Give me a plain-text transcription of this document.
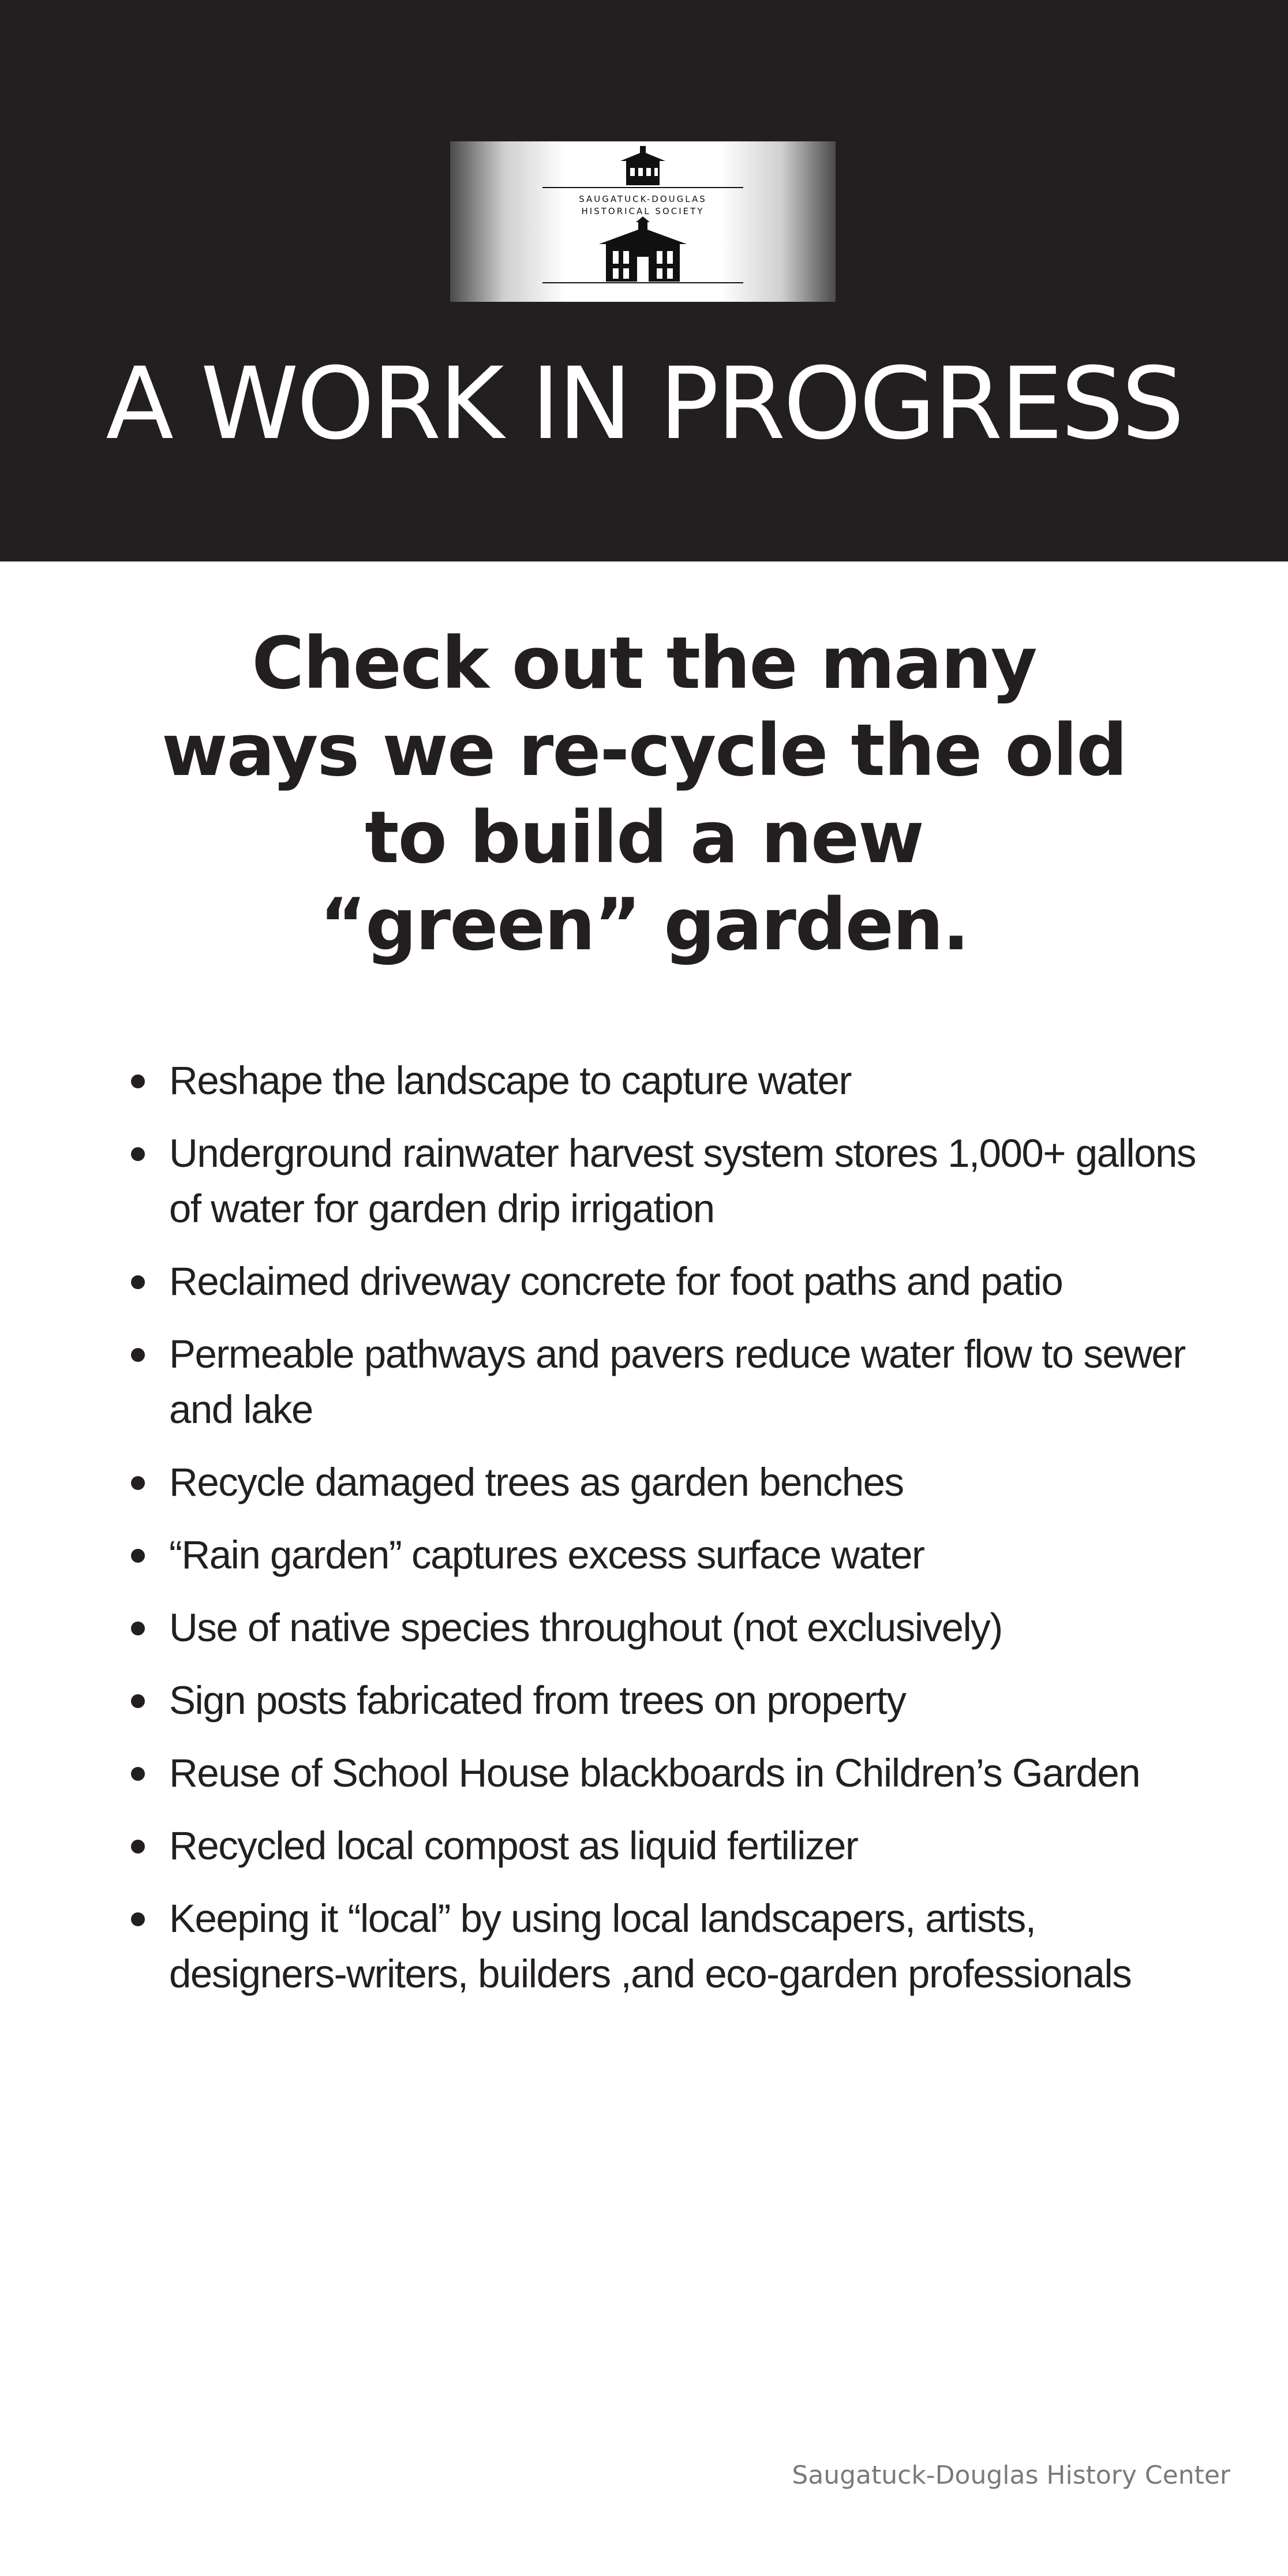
SAUGATUCK-DOUGLAS
HISTORICAL SOCIETY
A WORK IN PROGRESS
Check out the many
ways we re-cycle the old
to build a new
“green” garden.
Reshape the landscape to capture water
Underground rainwater harvest system stores 1,000+ gallons of water for garden drip irrigation
Reclaimed driveway concrete for foot paths and patio
Permeable pathways and pavers reduce water flow to sewer and lake
Recycle damaged trees as garden benches
“Rain garden” captures excess surface water
Use of native species throughout (not exclusively)
Sign posts fabricated from trees on property
Reuse of School House blackboards in Children’s Garden
Recycled local compost as liquid fertilizer
Keeping it “local” by using local landscapers, artists, designers-writers, builders ,and eco-garden professionals
Saugatuck-Douglas History Center
